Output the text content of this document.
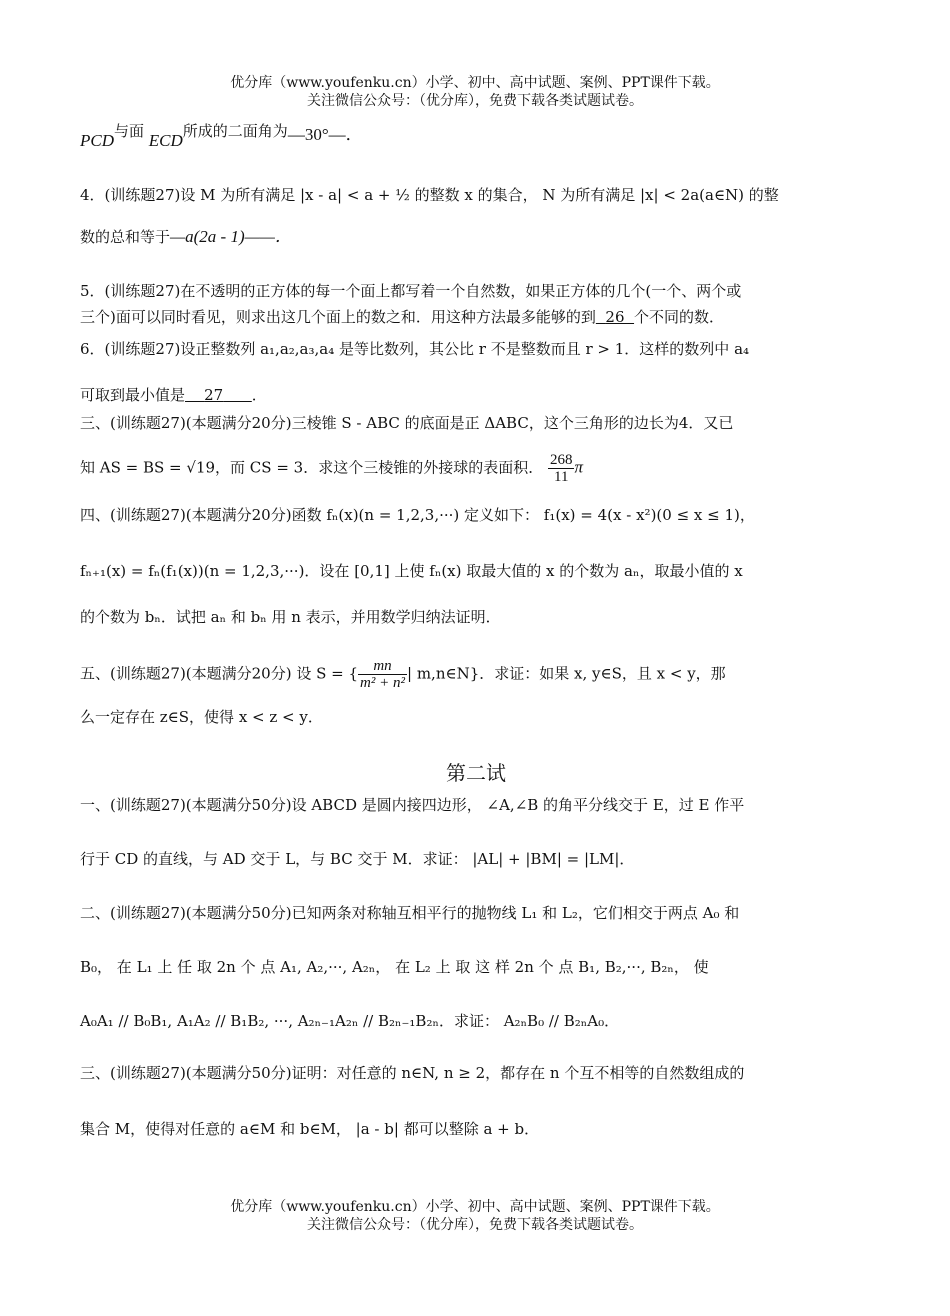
优分库（www.youfenku.cn）小学、初中、高中试题、案例、PPT课件下载。
关注微信公众号：（优分库），免费下载各类试题试卷。
PCD与面 ECD所成的二面角为—30°—．
4．(训练题27)设 M 为所有满足 |x - a| < a + ½ 的整数 x 的集合， N 为所有满足 |x| < 2a(a∈N) 的整
数的总和等于—a(2a - 1)——．
5．(训练题27)在不透明的正方体的每一个面上都写着一个自然数，如果正方体的几个(一个、两个或
三个)面可以同时看见，则求出这几个面上的数之和．用这种方法最多能够的到 26 个不同的数．
6．(训练题27)设正整数列 a₁,a₂,a₃,a₄ 是等比数列，其公比 r 不是整数而且 r > 1．这样的数列中 a₄
可取到最小值是 27 ．
三、(训练题27)(本题满分20分)三棱锥 S - ABC 的底面是正 ΔABC，这个三角形的边长为4．又已
知 AS = BS = √19，而 CS = 3．求这个三棱锥的外接球的表面积． $\frac{268}{11}$ π
四、(训练题27)(本题满分20分)函数 fₙ(x)(n = 1,2,3,···) 定义如下： f₁(x) = 4(x - x²)(0 ≤ x ≤ 1)，
fₙ₊₁(x) = fₙ(f₁(x))(n = 1,2,3,···)．设在 [0,1] 上使 fₙ(x) 取最大值的 x 的个数为 aₙ，取最小值的 x
的个数为 bₙ．试把 aₙ 和 bₙ 用 n 表示，并用数学归纳法证明．
五、(训练题27)(本题满分20分) 设 S = { $\frac{mn}{\text{m² + n²}}$ | m,n∈N}．求证：如果 x, y∈S，且 x < y，那
么一定存在 z∈S，使得 x < z < y．
第二试
一、(训练题27)(本题满分50分)设 ABCD 是圆内接四边形， ∠A,∠B 的角平分线交于 E，过 E 作平
行于 CD 的直线，与 AD 交于 L，与 BC 交于 M．求证： |AL| + |BM| = |LM|．
二、(训练题27)(本题满分50分)已知两条对称轴互相平行的抛物线 L₁ 和 L₂，它们相交于两点 A₀ 和
B₀， 在 L₁ 上 任 取 2n 个 点 A₁, A₂,···, A₂ₙ， 在 L₂ 上 取 这 样 2n 个 点 B₁, B₂,···, B₂ₙ， 使
A₀A₁ // B₀B₁, A₁A₂ // B₁B₂, ···, A₂ₙ₋₁A₂ₙ // B₂ₙ₋₁B₂ₙ．求证： A₂ₙB₀ // B₂ₙA₀．
三、(训练题27)(本题满分50分)证明：对任意的 n∈N, n ≥ 2，都存在 n 个互不相等的自然数组成的
集合 M，使得对任意的 a∈M 和 b∈M， |a - b| 都可以整除 a + b．
优分库（www.youfenku.cn）小学、初中、高中试题、案例、PPT课件下载。
关注微信公众号：（优分库），免费下载各类试题试卷。
